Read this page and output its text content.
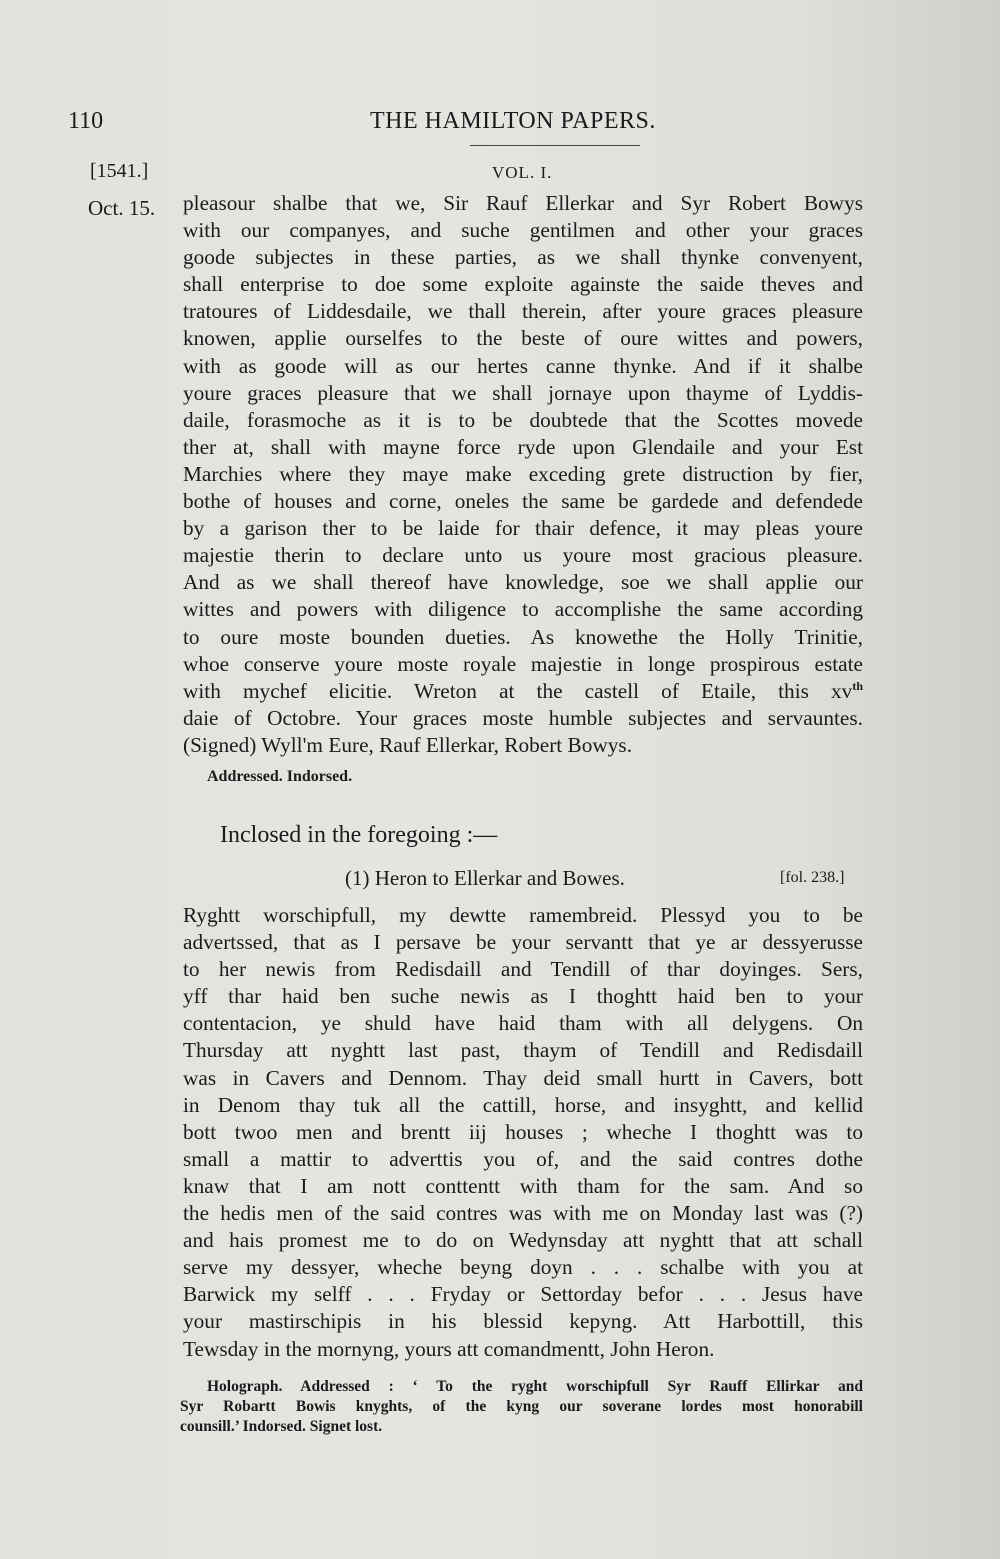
110	THE HAMILTON PAPERS.
[1541.]	VOL. I.
Oct. 15. pleasour shalbe that we, Sir Rauf Ellerkar and Syr Robert Bowys
with our companyes, and suche gentilmen and other your graces
goode subjectes in these parties, as we shall thynke convenyent,
shall enterprise to doe some exploite againste the saide theves and
tratoures of Liddesdaile, we thall therein, after youre graces pleasure
knowen, applie ourselfes to the beste of oure wittes and powers,
with as goode will as our hertes canne thynke. And if it shalbe
youre graces pleasure that we shall jornaye upon thayme of Lyddis-
daile, forasmoche as it is to be doubtede that the Scottes movede
ther at, shall with mayne force ryde upon Glendaile and your Est
Marchies where they maye make exceding grete distruction by fier,
bothe of houses and corne, oneles the same be gardede and defendede
by a garison ther to be laide for thair defence, it may pleas youre
majestie therin to declare unto us youre most gracious pleasure.
And as we shall thereof have knowledge, soe we shall applie our
wittes and powers with diligence to accomplishe the same according
to oure moste bounden dueties. As knowethe the Holly Trinitie,
whoe conserve youre moste royale majestie in longe prospirous estate
with mychef elicitie. Wreton at the castell of Etaile, this $xv^{th}$
daie of Octobre. Your graces moste humble subjectes and servauntes.
(Signed) Wyll'm Eure, Rauf Ellerkar, Robert Bowys.
Addressed. Indorsed.
Inclosed in the foregoing :—
(1) Heron to Ellerkar and Bowes.	[fol. 238.]
Ryghtt worschipfull, my dewtte ramembreid. Plessyd you to be
advertssed, that as I persave be your servantt that ye ar dessyerusse
to her newis from Redisdaill and Tendill of thar doyinges. Sers,
yff thar haid ben suche newis as I thoghtt haid ben to your
contentacion, ye shuld have haid tham with all delygens. On
Thursday att nyghtt last past, thaym of Tendill and Redisdaill
was in Cavers and Dennom. Thay deid small hurtt in Cavers, bott
in Denom thay tuk all the cattill, horse, and insyghtt, and kellid
bott twoo men and brentt iij houses ; wheche I thoghtt was to
small a mattir to adverttis you of, and the said contres dothe
knaw that I am nott conttentt with tham for the sam. And so
the hedis men of the said contres was with me on Monday last was (?)
and hais promest me to do on Wedynsday att nyghtt that att schall
serve my dessyer, wheche beyng doyn . . . schalbe with you at
Barwick my selff . . . Fryday or Settorday befor . . . Jesus have
your mastirschipis in his blessid kepyng. Att Harbottill, this
Tewsday in the mornyng, yours att comandmentt, John Heron.
Holograph. Addressed : ‘ To the ryght worschipfull Syr Rauff Ellirkar and
Syr Robartt Bowis knyghts, of the kyng our soverane lordes most honorabill
counsill.’ Indorsed. Signet lost.
